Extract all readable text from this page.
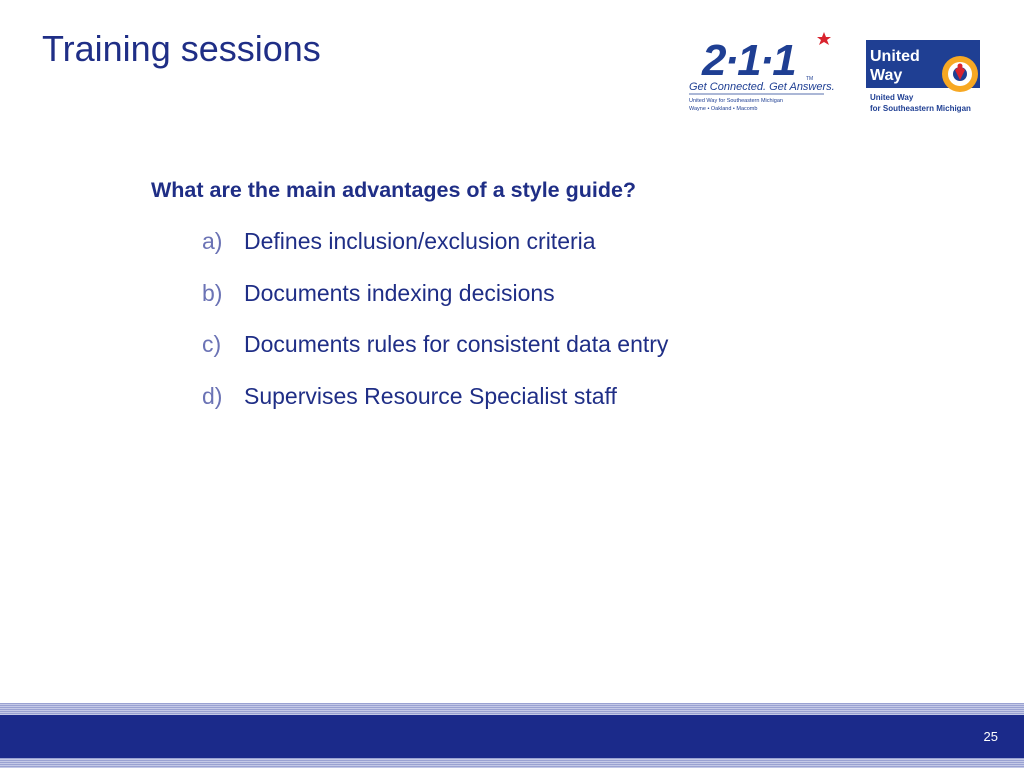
Training sessions	2·1·1 TM
Get Connected. Get Answers.
United Way for Southeastern Michigan
Wayne • Oakland • Macomb
United
Way
United Way
for Southeastern Michigan

What are the main advantages of a style guide?

a) Defines inclusion/exclusion criteria
b) Documents indexing decisions
c) Documents rules for consistent data entry
d) Supervises Resource Specialist staff
25
